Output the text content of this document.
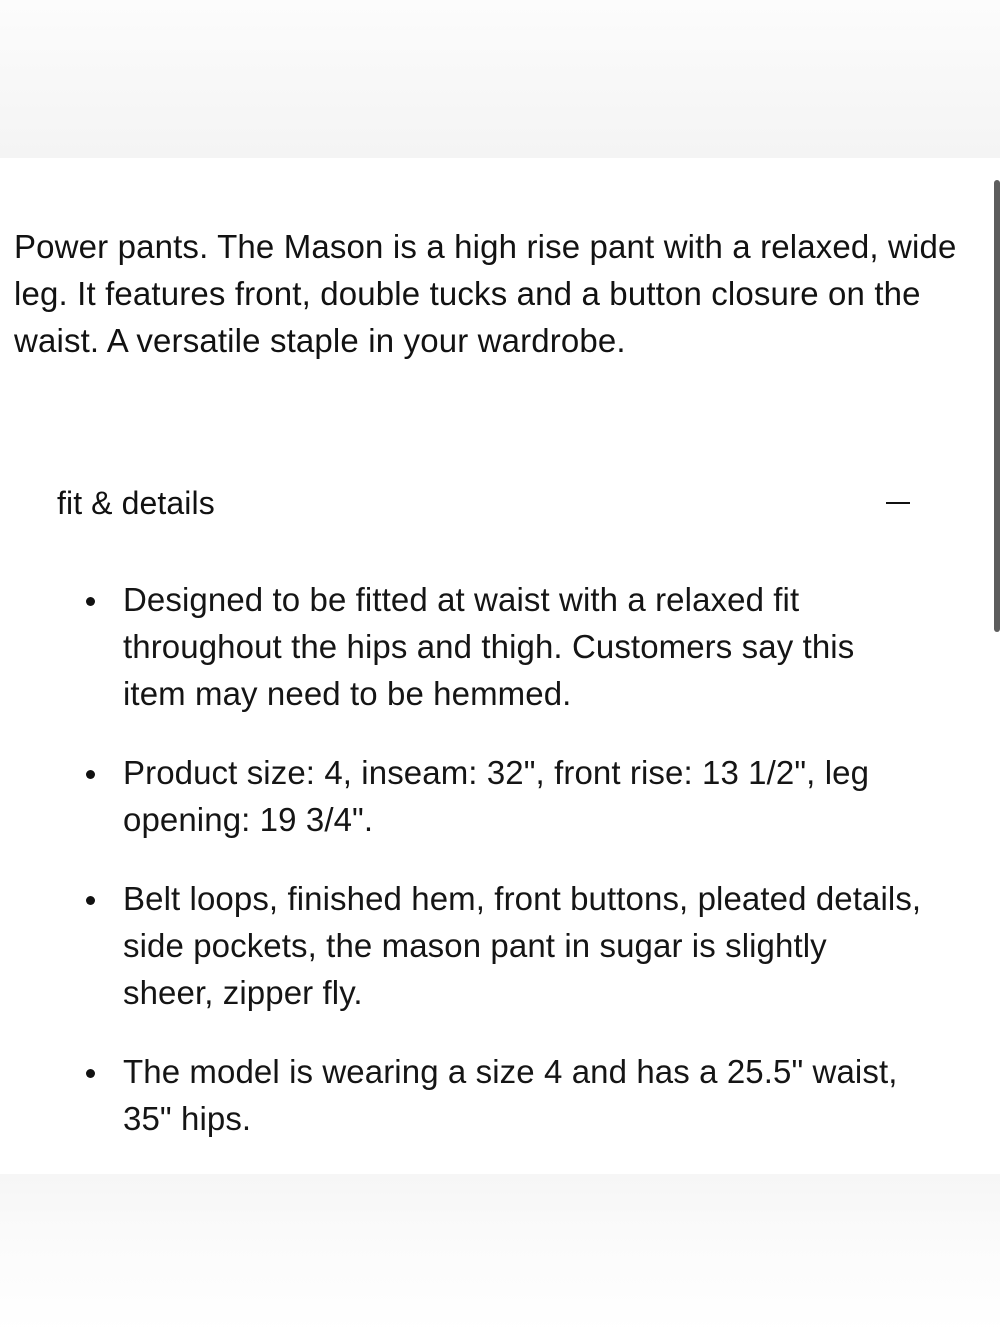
Power pants. The Mason is a high rise pant with a relaxed, wide leg. It features front, double tucks and a button closure on the waist. A versatile staple in your wardrobe.

fit & details
Designed to be fitted at waist with a relaxed fit throughout the hips and thigh. Customers say this item may need to be hemmed.
Product size: 4, inseam: 32", front rise: 13 1/2", leg opening: 19 3/4".
Belt loops, finished hem, front buttons, pleated details, side pockets, the mason pant in sugar is slightly sheer, zipper fly.
The model is wearing a size 4 and has a 25.5" waist, 35" hips.
